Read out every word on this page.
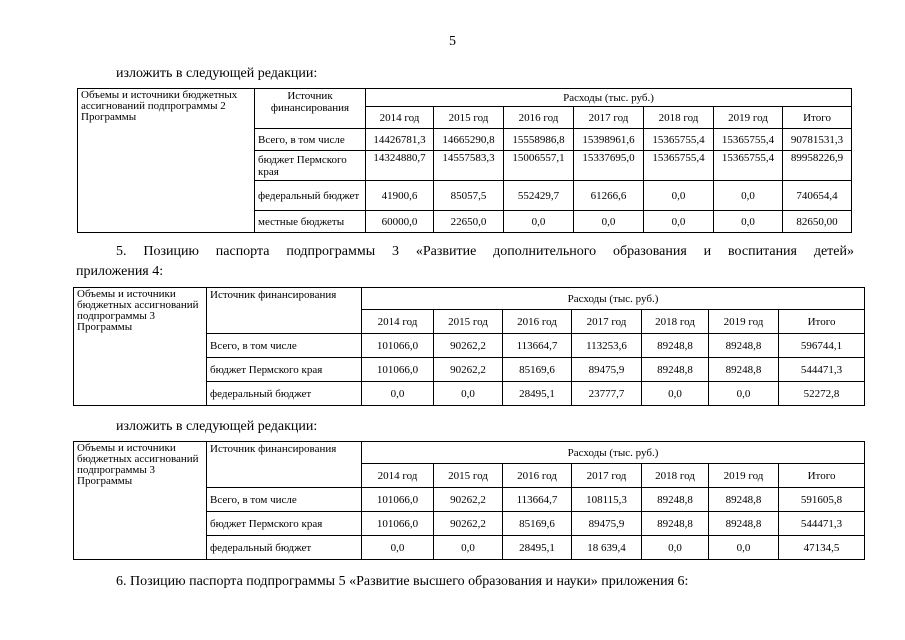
5
изложить в следующей редакции:
Объемы и источники бюджетных ассигнований подпрограммы 2 Программы	Источник финансирования	Расходы (тыс. руб.)						
		2014 год	2015 год	2016 год	2017 год	2018 год	2019 год	Итого
	Всего, в том числе	14426781,3	14665290,8	15558986,8	15398961,6	15365755,4	15365755,4	90781531,3
	бюджет Пермского края	14324880,7	14557583,3	15006557,1	15337695,0	15365755,4	15365755,4	89958226,9
	федеральный бюджет	41900,6	85057,5	552429,7	61266,6	0,0	0,0	740654,4
	местные бюджеты	60000,0	22650,0	0,0	0,0	0,0	0,0	82650,00
5. Позицию паспорта подпрограммы 3 «Развитие дополнительного образования и воспитания детей»
приложения 4:
Объемы и источники бюджетных ассигнований подпрограммы 3 Программы	Источник финансирования	Расходы (тыс. руб.)						
		2014 год	2015 год	2016 год	2017 год	2018 год	2019 год	Итого
	Всего, в том числе	101066,0	90262,2	113664,7	113253,6	89248,8	89248,8	596744,1
	бюджет Пермского края	101066,0	90262,2	85169,6	89475,9	89248,8	89248,8	544471,3
	федеральный бюджет	0,0	0,0	28495,1	23777,7	0,0	0,0	52272,8
изложить в следующей редакции:
Объемы и источники бюджетных ассигнований подпрограммы 3 Программы	Источник финансирования	Расходы (тыс. руб.)						
		2014 год	2015 год	2016 год	2017 год	2018 год	2019 год	Итого
	Всего, в том числе	101066,0	90262,2	113664,7	108115,3	89248,8	89248,8	591605,8
	бюджет Пермского края	101066,0	90262,2	85169,6	89475,9	89248,8	89248,8	544471,3
	федеральный бюджет	0,0	0,0	28495,1	18 639,4	0,0	0,0	47134,5
6. Позицию паспорта подпрограммы 5 «Развитие высшего образования и науки» приложения 6:
